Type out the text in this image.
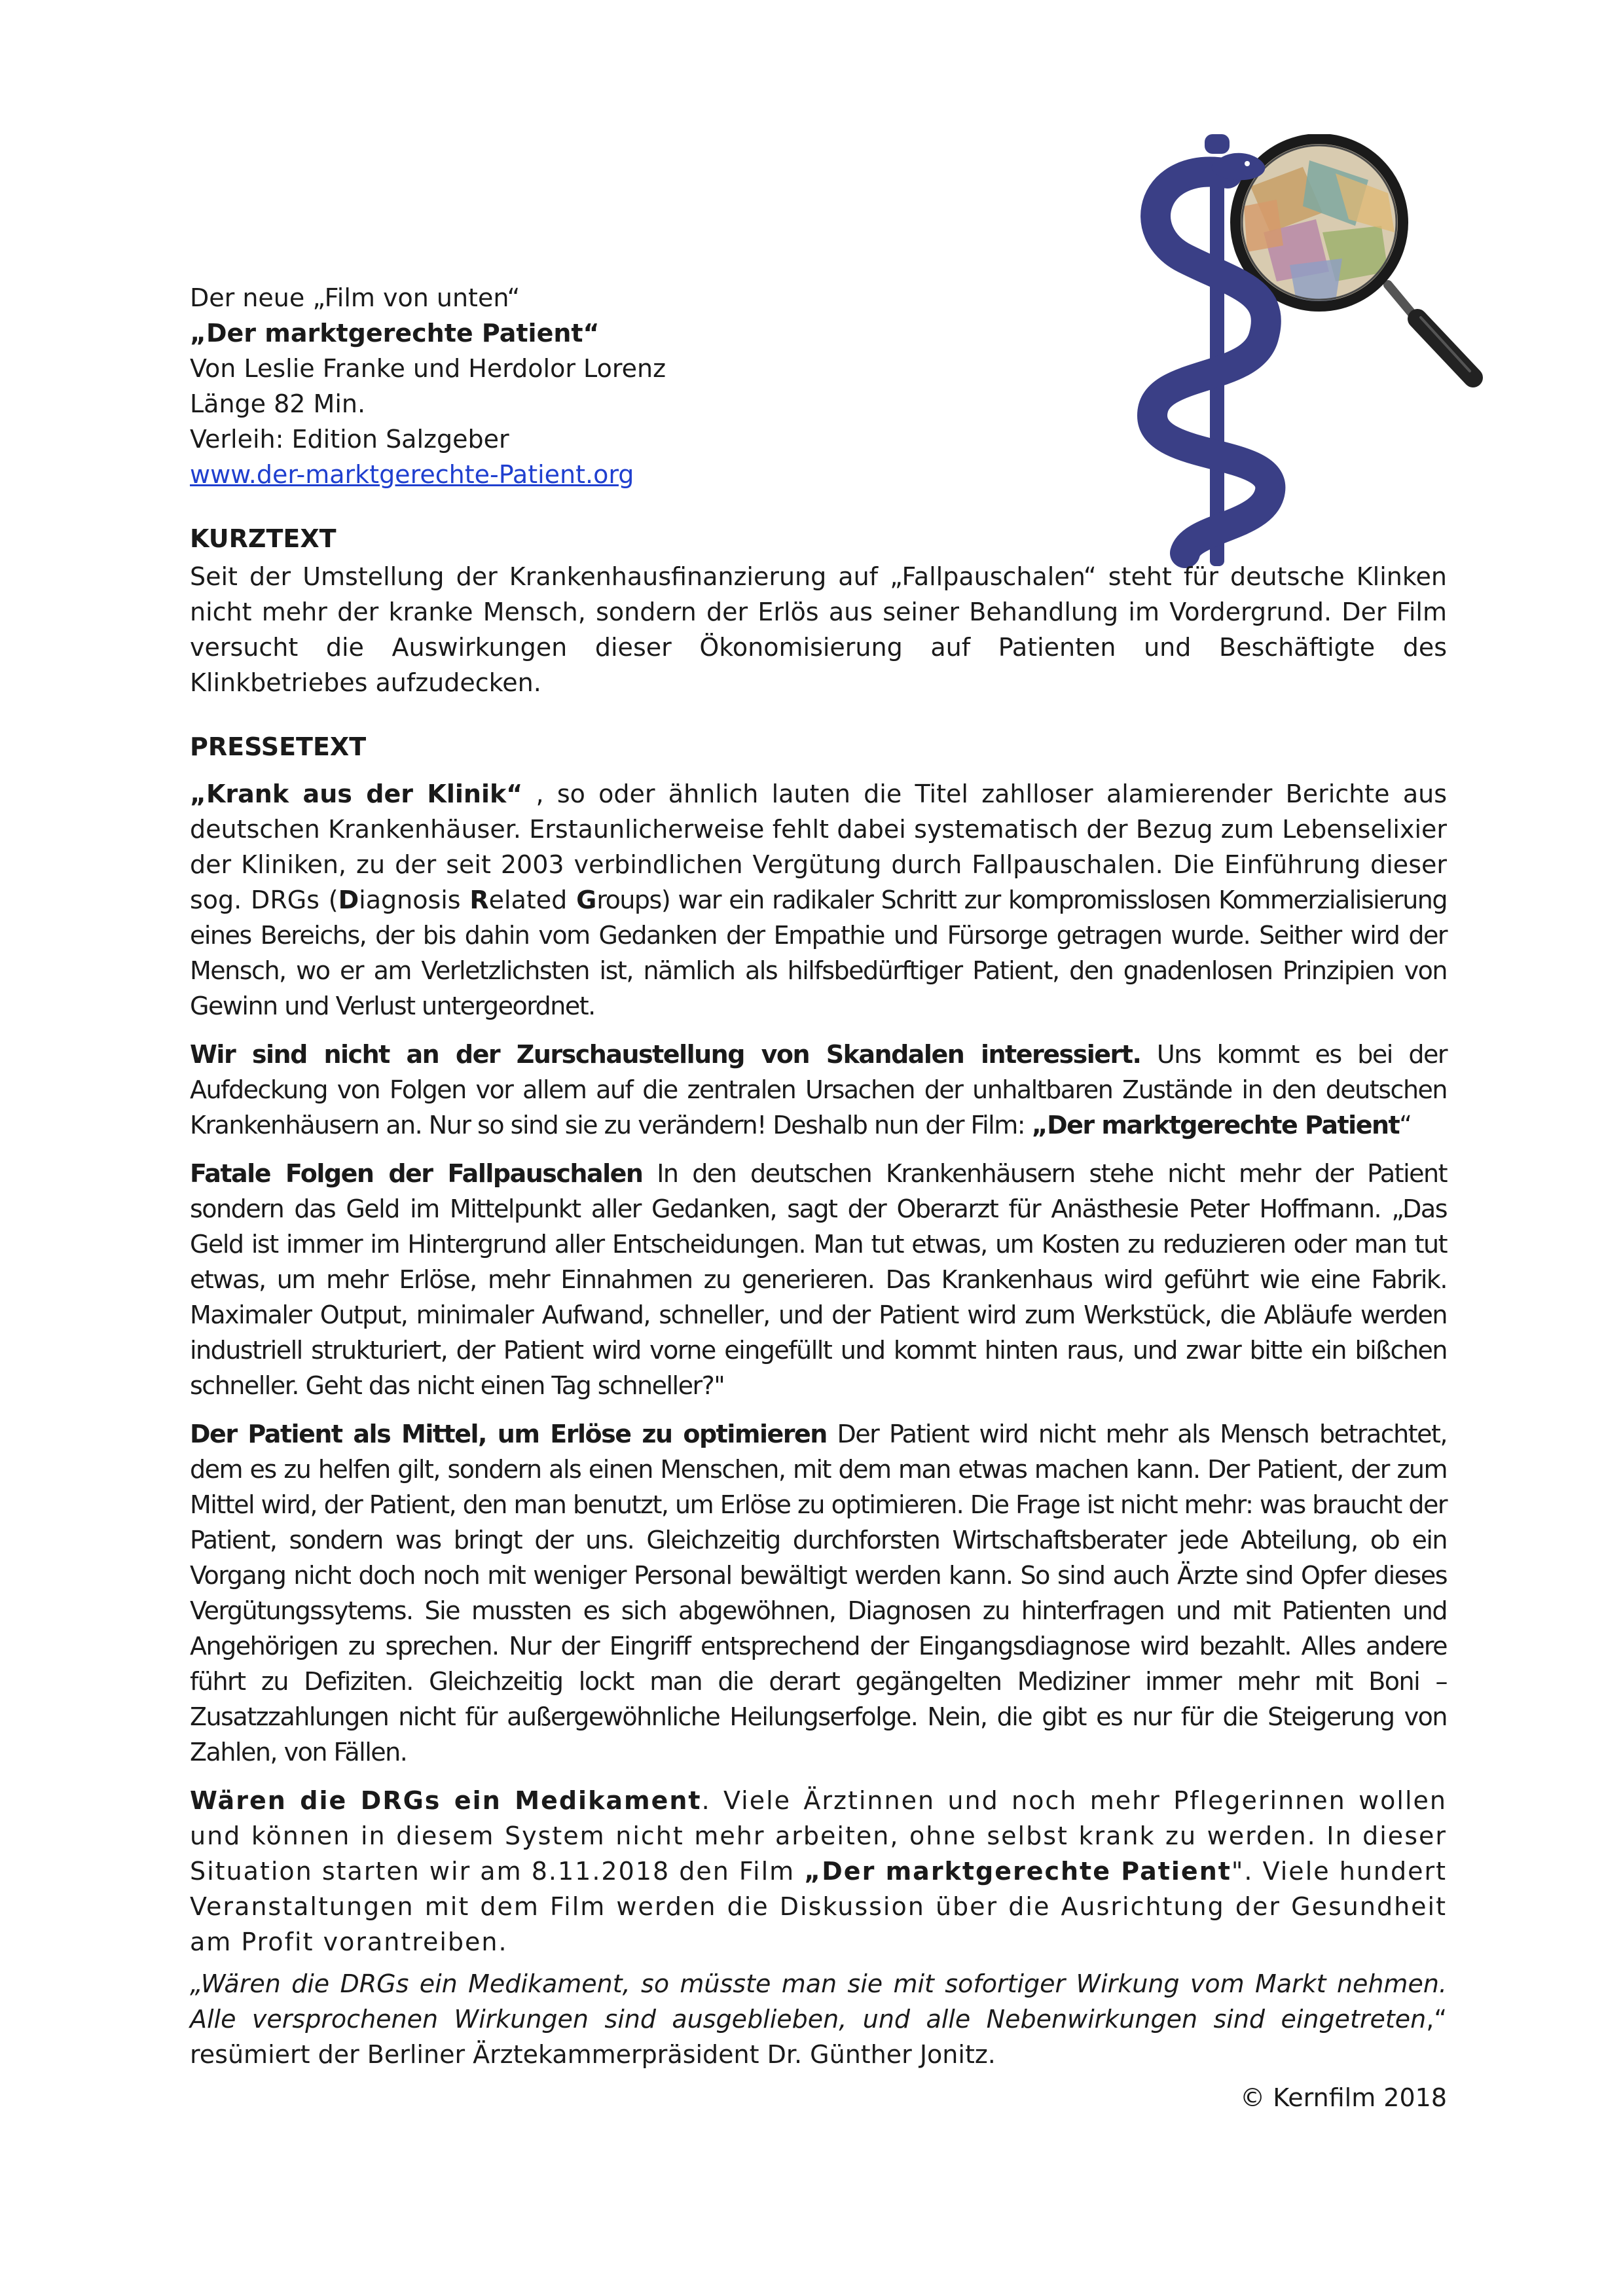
Der neue „Film von unten“
„Der marktgerechte Patient“
Von Leslie Franke und Herdolor Lorenz
Länge 82 Min.
Verleih: Edition Salzgeber
www.der-marktgerechte-Patient.org
KURZTEXT
Seit der Umstellung der Krankenhausfinanzierung auf „Fallpauschalen“ steht für deutsche Klinken nicht mehr der kranke Mensch, sondern der Erlös aus seiner Behandlung im Vordergrund. Der Film versucht die Auswirkungen dieser Ökonomisierung auf Patienten und Beschäftigte des Klinkbetriebes aufzudecken.
PRESSETEXT
„Krank aus der Klinik“ , so oder ähnlich lauten die Titel zahlloser alamierender Berichte aus deutschen Krankenhäuser. Erstaunlicherweise fehlt dabei systematisch der Bezug zum Lebenselixier der Kliniken, zu der seit 2003 verbindlichen Vergütung durch Fallpauschalen. Die Einführung dieser sog. DRGs (Diagnosis Related Groups) war ein radikaler Schritt zur kompromisslosen Kommerzialisierung eines Bereichs, der bis dahin vom Gedanken der Empathie und Fürsorge getragen wurde. Seither wird der Mensch, wo er am Verletzlichsten ist, nämlich als hilfsbedürftiger Patient, den gnadenlosen Prinzipien von Gewinn und Verlust untergeordnet.
Wir sind nicht an der Zurschaustellung von Skandalen interessiert. Uns kommt es bei der Aufdeckung von Folgen vor allem auf die zentralen Ursachen der unhaltbaren Zustände in den deutschen Krankenhäusern an. Nur so sind sie zu verändern! Deshalb nun der Film: „Der marktgerechte Patient“
Fatale Folgen der Fallpauschalen In den deutschen Krankenhäusern stehe nicht mehr der Patient sondern das Geld im Mittelpunkt aller Gedanken, sagt der Oberarzt für Anästhesie Peter Hoffmann. „Das Geld ist immer im Hintergrund aller Entscheidungen. Man tut etwas, um Kosten zu reduzieren oder man tut etwas, um mehr Erlöse, mehr Einnahmen zu generieren. Das Krankenhaus wird geführt wie eine Fabrik. Maximaler Output, minimaler Aufwand, schneller, und der Patient wird zum Werkstück, die Abläufe werden industriell strukturiert, der Patient wird vorne eingefüllt und kommt hinten raus, und zwar bitte ein bißchen schneller. Geht das nicht einen Tag schneller?"
Der Patient als Mittel, um Erlöse zu optimieren Der Patient wird nicht mehr als Mensch betrachtet, dem es zu helfen gilt, sondern als einen Menschen, mit dem man etwas machen kann. Der Patient, der zum Mittel wird, der Patient, den man benutzt, um Erlöse zu optimieren. Die Frage ist nicht mehr: was braucht der Patient, sondern was bringt der uns. Gleichzeitig durchforsten Wirtschaftsberater jede Abteilung, ob ein Vorgang nicht doch noch mit weniger Personal bewältigt werden kann. So sind auch Ärzte sind Opfer dieses Vergütungssytems. Sie mussten es sich abgewöhnen, Diagnosen zu hinterfragen und mit Patienten und Angehörigen zu sprechen. Nur der Eingriff entsprechend der Eingangsdiagnose wird bezahlt. Alles andere führt zu Defiziten. Gleichzeitig lockt man die derart gegängelten Mediziner immer mehr mit Boni – Zusatzzahlungen nicht für außergewöhnliche Heilungserfolge. Nein, die gibt es nur für die Steigerung von Zahlen, von Fällen.
Wären die DRGs ein Medikament. Viele Ärztinnen und noch mehr Pflegerinnen wollen und können in diesem System nicht mehr arbeiten, ohne selbst krank zu werden. In dieser Situation starten wir am 8.11.2018 den Film „Der marktgerechte Patient". Viele hundert Veranstaltungen mit dem Film werden die Diskussion über die Ausrichtung der Gesundheit am Profit vorantreiben.
„Wären die DRGs ein Medikament, so müsste man sie mit sofortiger Wirkung vom Markt nehmen. Alle versprochenen Wirkungen sind ausgeblieben, und alle Nebenwirkungen sind eingetreten,“ resümiert der Berliner Ärztekammerpräsident Dr. Günther Jonitz.
© Kernfilm 2018
